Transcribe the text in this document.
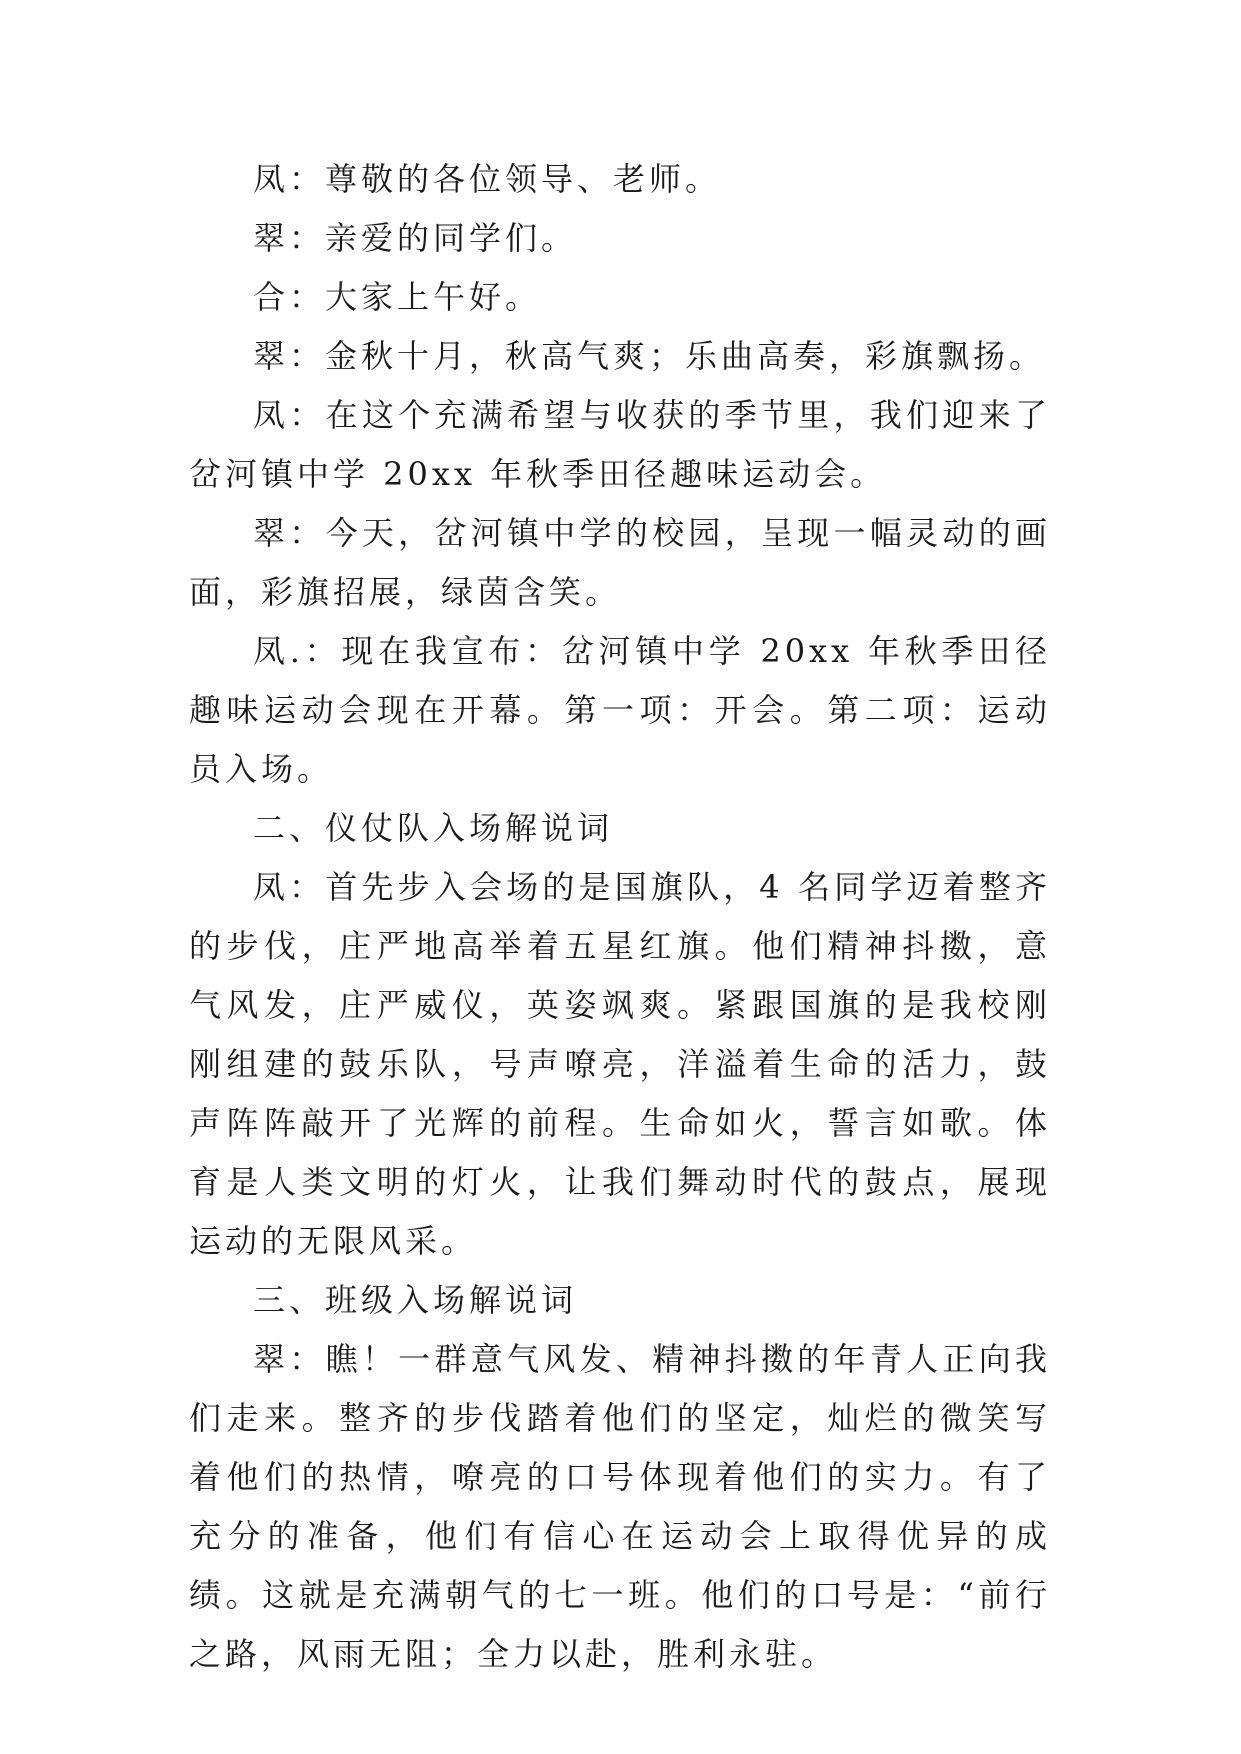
凤：尊敬的各位领导、老师。

翠：亲爱的同学们。

合：大家上午好。

翠：金秋十月，秋高气爽；乐曲高奏，彩旗飘扬。

凤：在这个充满希望与收获的季节里，我们迎来了岔河镇中学 20xx 年秋季田径趣味运动会。

翠：今天，岔河镇中学的校园，呈现一幅灵动的画面，彩旗招展，绿茵含笑。

凤.：现在我宣布：岔河镇中学 20xx 年秋季田径趣味运动会现在开幕。第一项：开会。第二项：运动员入场。

二、仪仗队入场解说词

凤：首先步入会场的是国旗队，4 名同学迈着整齐的步伐，庄严地高举着五星红旗。他们精神抖擞，意气风发，庄严威仪，英姿飒爽。紧跟国旗的是我校刚刚组建的鼓乐队，号声嘹亮，洋溢着生命的活力，鼓声阵阵敲开了光辉的前程。生命如火，誓言如歌。体育是人类文明的灯火，让我们舞动时代的鼓点，展现运动的无限风采。

三、班级入场解说词

翠：瞧！一群意气风发、精神抖擞的年青人正向我们走来。整齐的步伐踏着他们的坚定，灿烂的微笑写着他们的热情，嘹亮的口号体现着他们的实力。有了充分的准备，他们有信心在运动会上取得优异的成绩。这就是充满朝气的七一班。他们的口号是：“前行之路，风雨无阻；全力以赴，胜利永驻。
